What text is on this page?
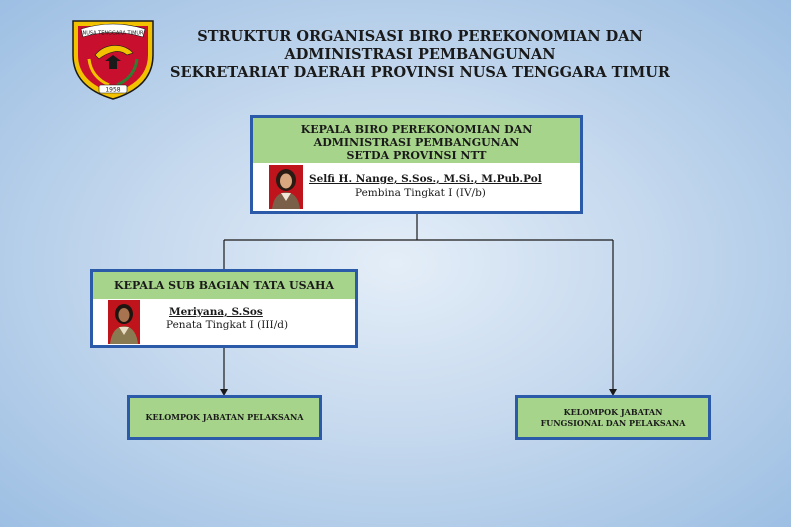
STRUKTUR ORGANISASI BIRO PEREKONOMIAN DAN
ADMINISTRASI PEMBANGUNAN
SEKRETARIAT DAERAH PROVINSI NUSA TENGGARA TIMUR
NUSA TENGGARA TIMUR
1958
KEPALA BIRO PEREKONOMIAN DAN
ADMINISTRASI PEMBANGUNAN
SETDA PROVINSI NTT
Selfi H. Nange, S.Sos., M.Si., M.Pub.Pol
Pembina Tingkat I (IV/b)
KEPALA SUB BAGIAN TATA USAHA
Meriyana, S.Sos
Penata Tingkat I (III/d)
KELOMPOK JABATAN PELAKSANA
KELOMPOK JABATAN
FUNGSIONAL DAN PELAKSANA
